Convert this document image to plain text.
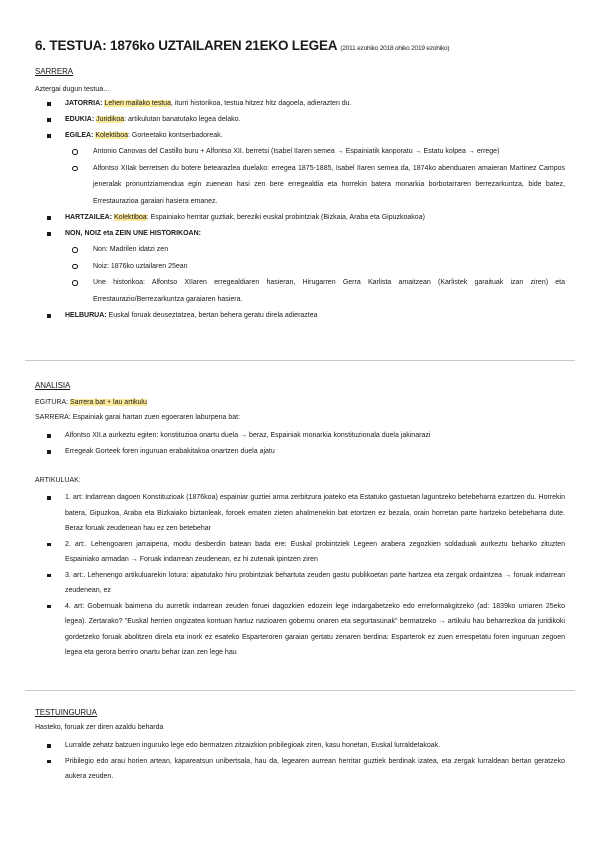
6. TESTUA: 1876ko UZTAILAREN 21EKO LEGEA (2011 ezohiko 2018 ohiko 2019 ezohiko)
SARRERA
Aztergai dugun testua…
JATORRIA: Lehen mailako testua, iturri historikoa, testua hitzez hitz dagoela, adierazten du.
EDUKIA: Juridikoa: artikulutan banatutako legea delako.
EGILEA: Kolektiboa: Gorteetako kontserbadoreak.
Antonio Canovas del Castillo buru + Alfontso XII. berretsi (Isabel IIaren semea → Espainiatik kanporatu → Estatu kolpea → errege)
Alfontso XIIak berretsen du botere betearazlea duelako: erregea 1875-1885, Isabel IIaren semea da, 1874ko abenduaren amaieran Martinez Campos jeneralak pronuntziamendua egin zuenean hasi zen bere erregealdia eta horrekin batera monarkia borbotarraren berrezarkuntza, bide batez, Errestaurazioa garaiari hasiera emanez.
HARTZAILEA: Kolektiboa: Espainiako herritar guztiak, bereziki euskal probintziak (Bizkaia, Araba eta Gipuzkoakoa)
NON, NOIZ eta ZEIN UNE HISTORIKOAN:
Non: Madrilen idatzi zen
Noiz: 1876ko uztailaren 25ean
Une historikoa: Alfontso XIIaren erregealdiaren hasieran, Hirugarren Gerra Karlista amaitzean (Karlistek garaituak izan ziren) eta Errestaurazio/Berrezarkuntza garaiaren hasiera.
HELBURUA: Euskal foruak deuseztatzea, bertan behera geratu direla adieraztea
ANALISIA
EGITURA: Sarrera bat + lau artikulu
SARRERA: Espainiak garai hartan zuen egoeraren laburpena bat:
Alfontso XII.a aurkeztu egiten: konstituzioa onartu duela → beraz, Espainiak monarkia konstituzionala duela jakinarazi
Erregeak Gorteek foren inguruan erabakitakoa onartzen duela ajatu
ARTIKULUAK:
1. art: Indarrean dagoen Konstituzioak (1876koa) espainiar guztiei arma zerbitzura joateko eta Estatuko gastuetan laguntzeko betebeharra ezartzen du. Horrekin batera, Gipuzkoa, Araba eta Bizkaiako biztanleak, foroek ematen zieten ahalmenekin bat etortzen ez bezala, orain horretan parte hartzeko betebeharra dute. Beraz foruak zeudenean hau ez zen betebehar
2. art:. Lehengoaren jarraipena, modu desberdin batean bada ere: Euskal probintziek Legeen arabera zegozkien soldaduak aurkeztu beharko zituzten Espainiako armadan → Foruak indarrean zeudenean, ez hi zutenak ipintzen ziren
3. art:. Lehenengo artikuluarekin lotura: aipatutako hiru probintziak behartuta zeuden gastu publikoetan parte hartzea eta zergak ordaintzea → foruak indarrean zeudenean, ez
4. art: Gobernuak baimena du aurretik indarrean zeuden foruei dagozkien edozein lege indargabetzeko edo erreformakgitzeko (ad: 1839ko urriaren 25eko legea). Zertarako? "Euskal herrien ongizatea kontuan hartuz nazioaren gobernu onaren eta segurtasunak" bermatzeko → artikulu hau beharrezkoa da juridikoki gordetzeko foruak abolitzen direla eta inork ez esateko Esparteroren garaian gertatu zenaren berdina: Esparterok ez zuen errespetatu foren inguruan zegoen legea eta gerora berriro onartu behar izan zen lege hau
TESTUINGURUA
Hasteko, foruak zer diren azaldu beharda
Lurralde zehatz batzuen inguruko lege edo bermatzen zitzaizkion pribilegioak ziren, kasu honetan, Euskal lurraldetakoak.
Pribilegio edo arau horien artean, kapareatsun unibertsala, hau da, legearen aurrean herritar guztiek berdinak izatea, eta zergak lurraldean bertan geratzeko aukera zeuden.
